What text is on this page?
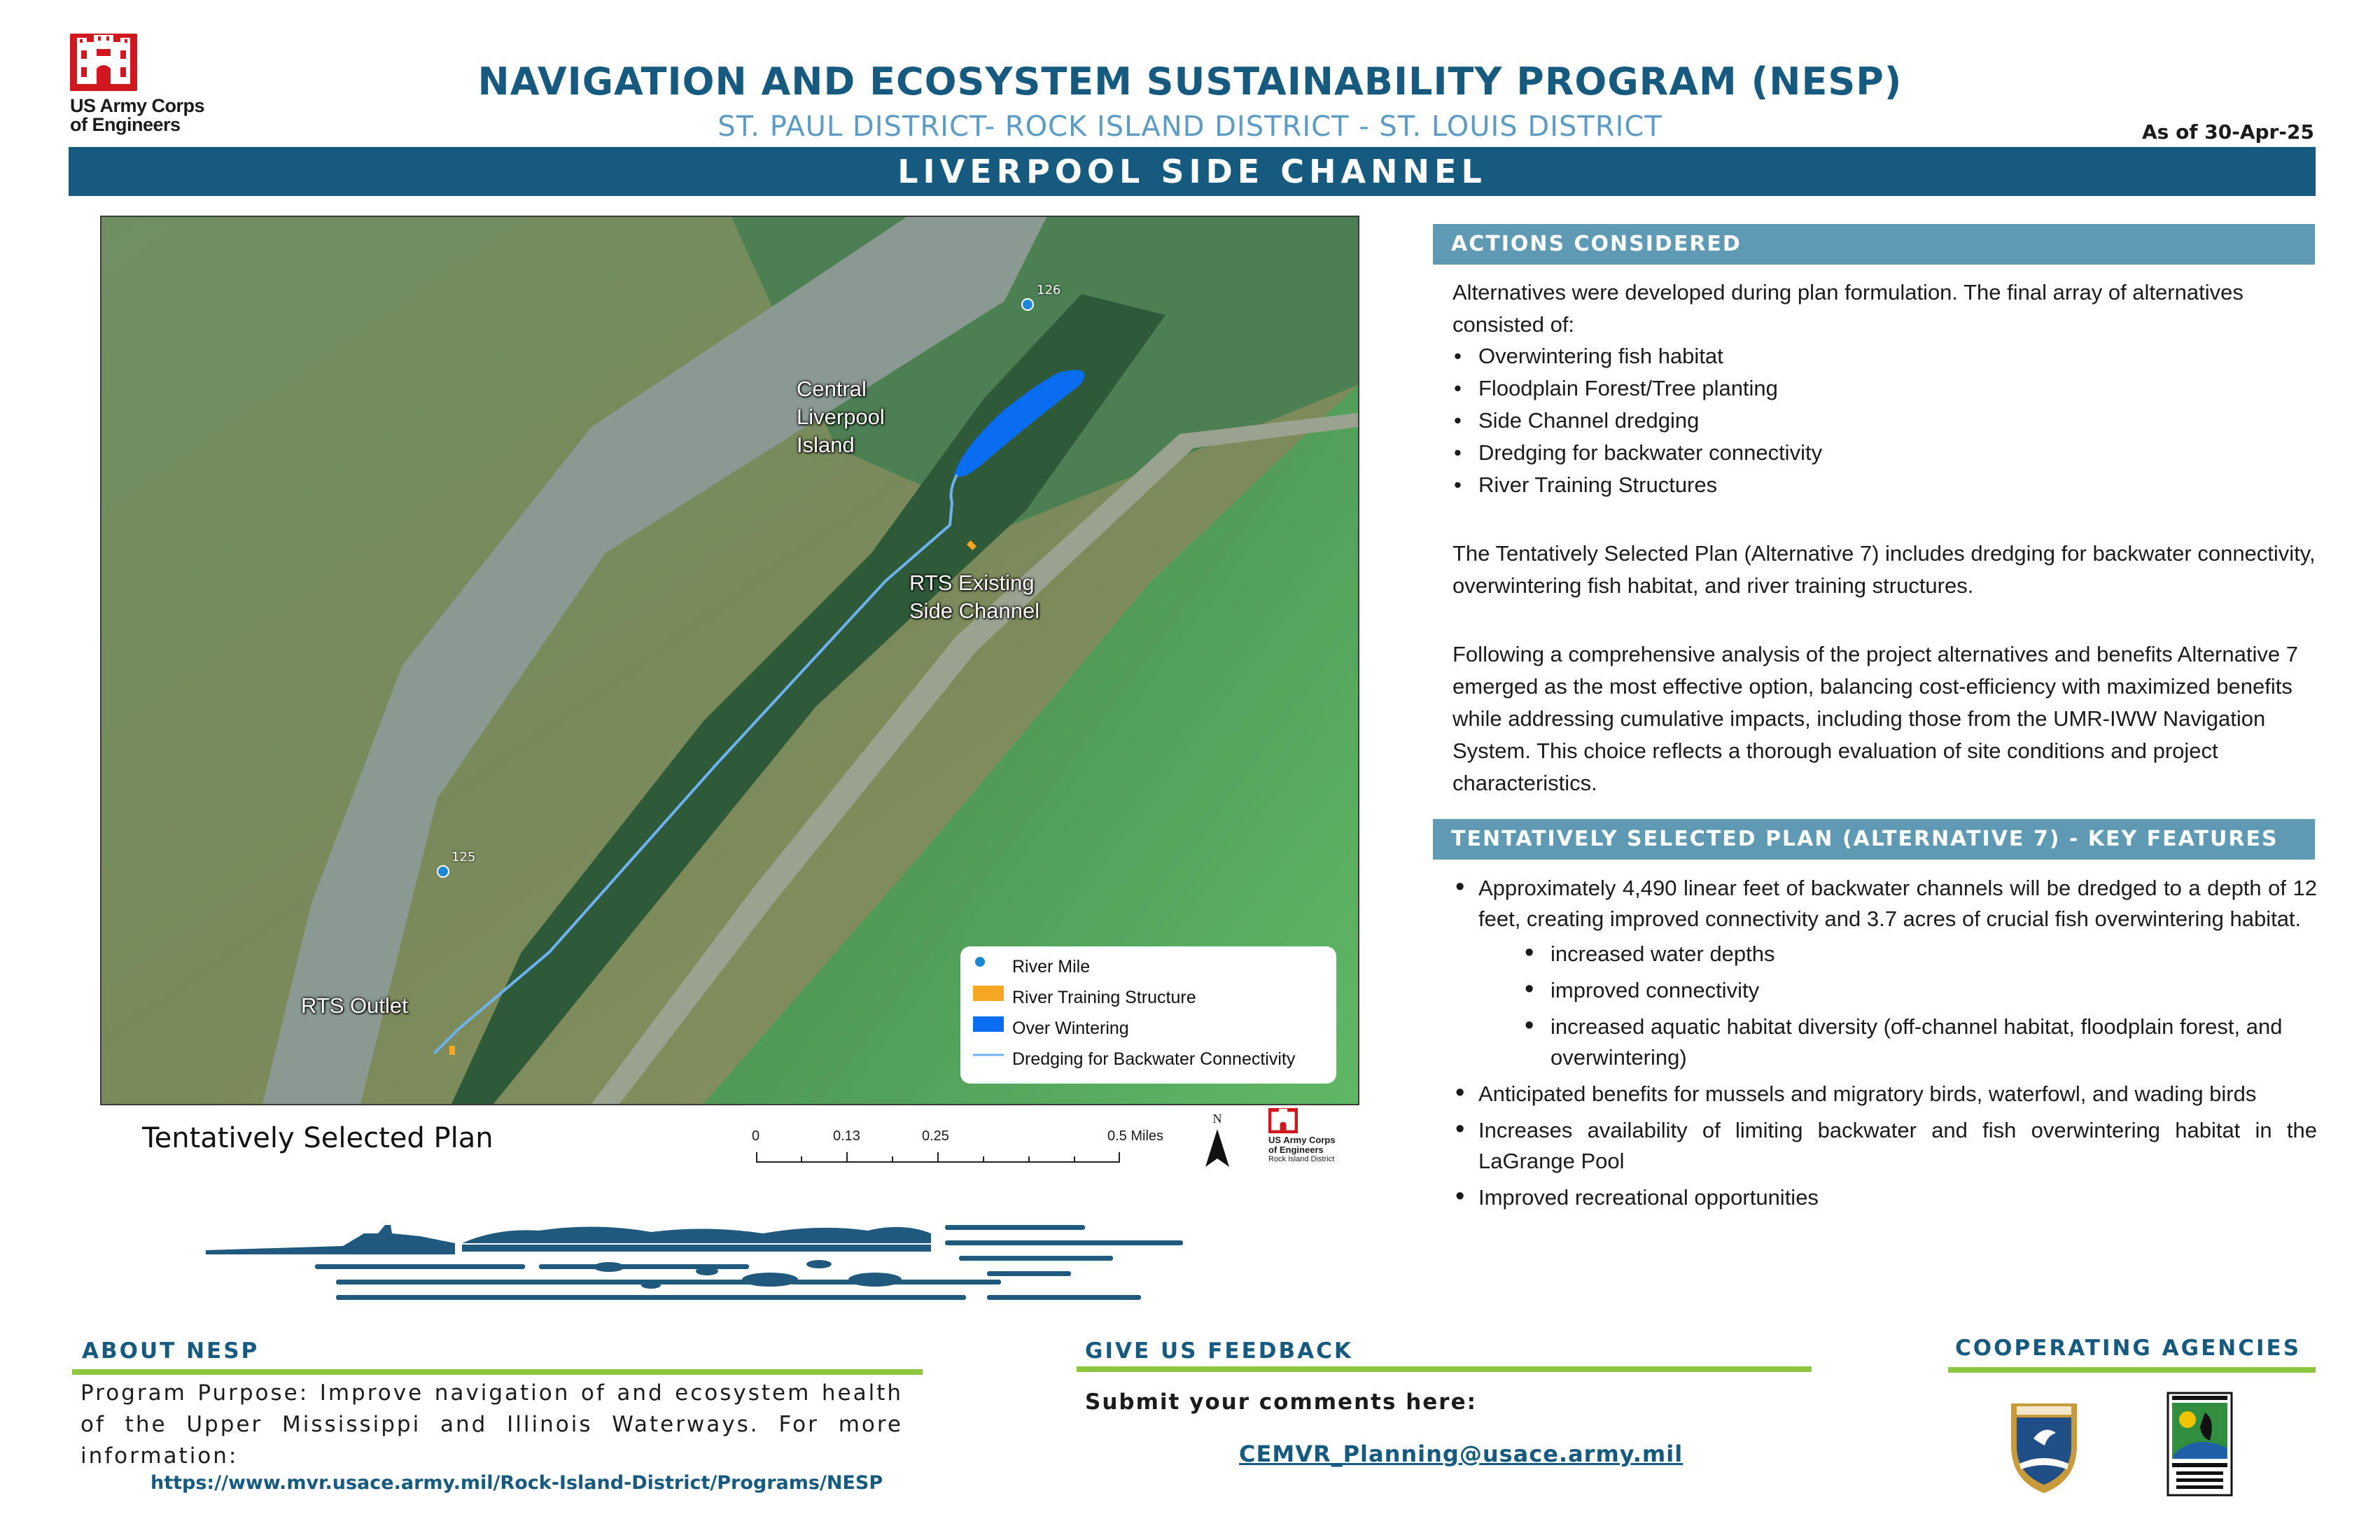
US Army Corps of Engineers
NAVIGATION AND ECOSYSTEM SUSTAINABILITY PROGRAM (NESP)
ST. PAUL DISTRICT- ROCK ISLAND DISTRICT - ST. LOUIS DISTRICT	As of 30-Apr-25
LIVERPOOL SIDE CHANNEL
126
125
Central Liverpool Island
RTS Existing Side Channel
RTS Outlet
River Mile
River Training Structure
Over Wintering
Dredging for Backwater Connectivity
Tentatively Selected Plan	0	0.13	0.25	0.5 Miles
N
US Army Corps of Engineers
Rock Island District
ACTIONS CONSIDERED
Alternatives were developed during plan formulation. The final array of alternatives consisted of:
• Overwintering fish habitat
• Floodplain Forest/Tree planting
• Side Channel dredging
• Dredging for backwater connectivity
• River Training Structures
The Tentatively Selected Plan (Alternative 7) includes dredging for backwater connectivity, overwintering fish habitat, and river training structures.
Following a comprehensive analysis of the project alternatives and benefits Alternative 7 emerged as the most effective option, balancing cost-efficiency with maximized benefits while addressing cumulative impacts, including those from the UMR-IWW Navigation System. This choice reflects a thorough evaluation of site conditions and project characteristics.
TENTATIVELY SELECTED PLAN (ALTERNATIVE 7) - KEY FEATURES
• Approximately 4,490 linear feet of backwater channels will be dredged to a depth of 12 feet, creating improved connectivity and 3.7 acres of crucial fish overwintering habitat.
• increased water depths
• improved connectivity
• increased aquatic habitat diversity (off-channel habitat, floodplain forest, and overwintering)
• Anticipated benefits for mussels and migratory birds, waterfowl, and wading birds
• Increases availability of limiting backwater and fish overwintering habitat in the LaGrange Pool
• Improved recreational opportunities
ABOUT NESP
Program Purpose: Improve navigation of and ecosystem health of the Upper Mississippi and Illinois Waterways. For more information:
https://www.mvr.usace.army.mil/Rock-Island-District/Programs/NESP
GIVE US FEEDBACK
Submit your comments here:
CEMVR_Planning@usace.army.mil
COOPERATING AGENCIES
